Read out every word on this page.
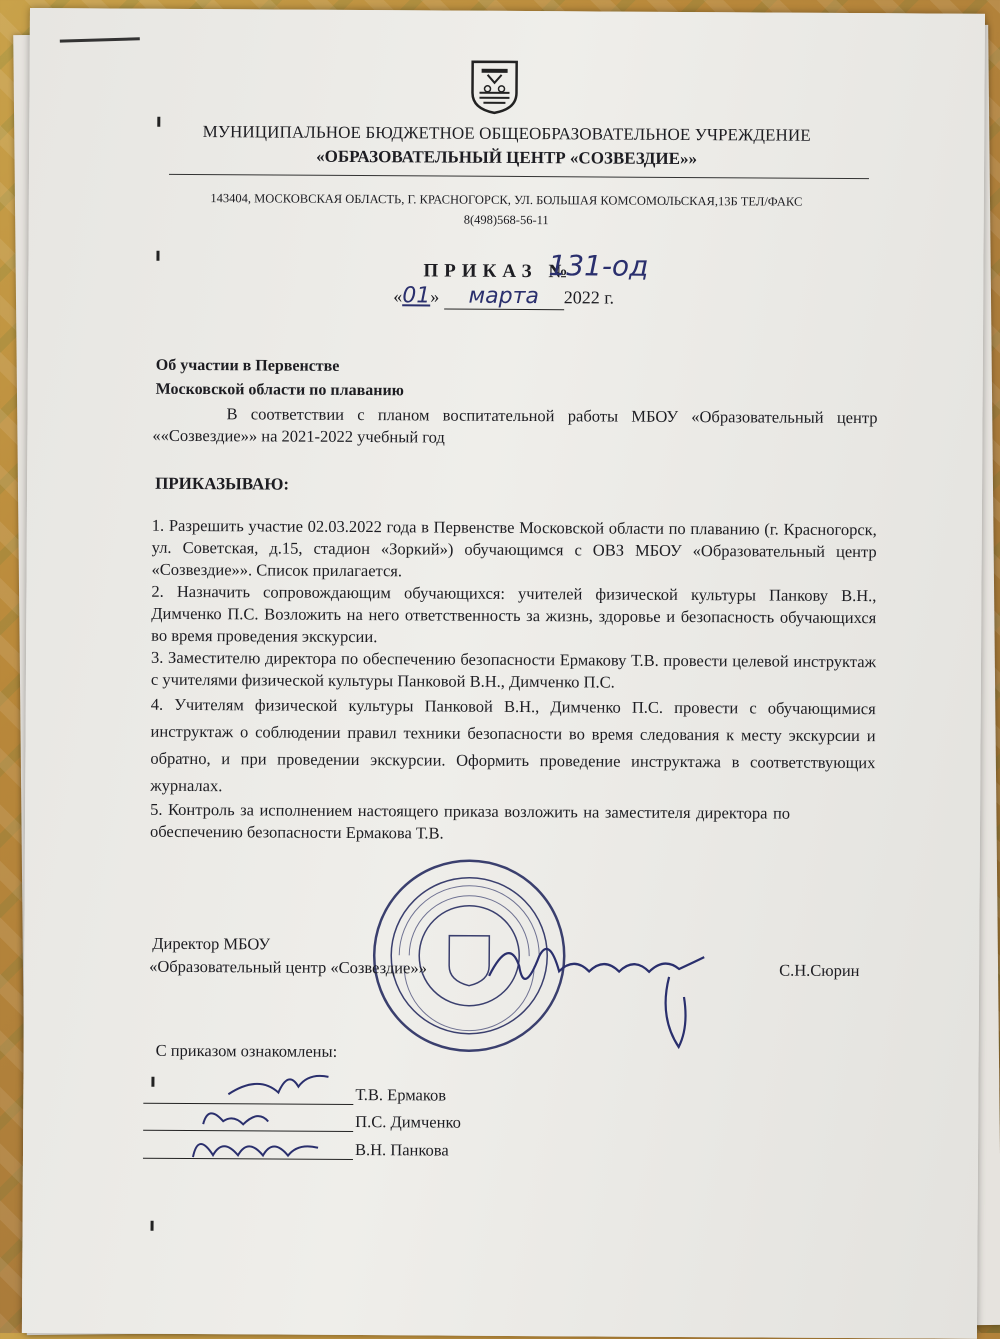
МУНИЦИПАЛЬНОЕ БЮДЖЕТНОЕ ОБЩЕОБРАЗОВАТЕЛЬНОЕ УЧРЕЖДЕНИЕ
«ОБРАЗОВАТЕЛЬНЫЙ ЦЕНТР «СОЗВЕЗДИЕ»»
143404, МОСКОВСКАЯ ОБЛАСТЬ, Г. КРАСНОГОРСК, УЛ. БОЛЬШАЯ КОМСОМОЛЬСКАЯ,13Б ТЕЛ/ФАКС
8(498)568-56-11
ПРИКАЗ №
131-од
«01» марта 2022 г.
Об участии в Первенстве
Московской области по плаванию
В соответствии с планом воспитательной работы МБОУ «Образовательный центр ««Созвездие»» на 2021-2022 учебный год
ПРИКАЗЫВАЮ:

1. Разрешить участие 02.03.2022 года в Первенстве Московской области по плаванию (г. Красногорск, ул. Советская, д.15, стадион «Зоркий») обучающимся с ОВЗ МБОУ «Образовательный центр «Созвездие»». Список прилагается.

2. Назначить сопровождающим обучающихся: учителей физической культуры Панкову В.Н., Димченко П.С. Возложить на него ответственность за жизнь, здоровье и безопасность обучающихся во время проведения экскурсии.

3. Заместителю директора по обеспечению безопасности Ермакову Т.В. провести целевой инструктаж с учителями физической культуры Панковой В.Н., Димченко П.С.

4. Учителям физической культуры Панковой В.Н., Димченко П.С. провести с обучающимися инструктаж о соблюдении правил техники безопасности во время следования к месту экскурсии и обратно, и при проведении экскурсии. Оформить проведение инструктажа в соответствующих журналах.

5. Контроль за исполнением настоящего приказа возложить на заместителя директора по обеспечению безопасности Ермакова Т.В.

Директор МБОУ
«Образовательный центр «Созвездие»»	С.Н.Сюрин
С приказом ознакомлены:
Т.В. Ермаков
П.С. Димченко
В.Н. Панкова
